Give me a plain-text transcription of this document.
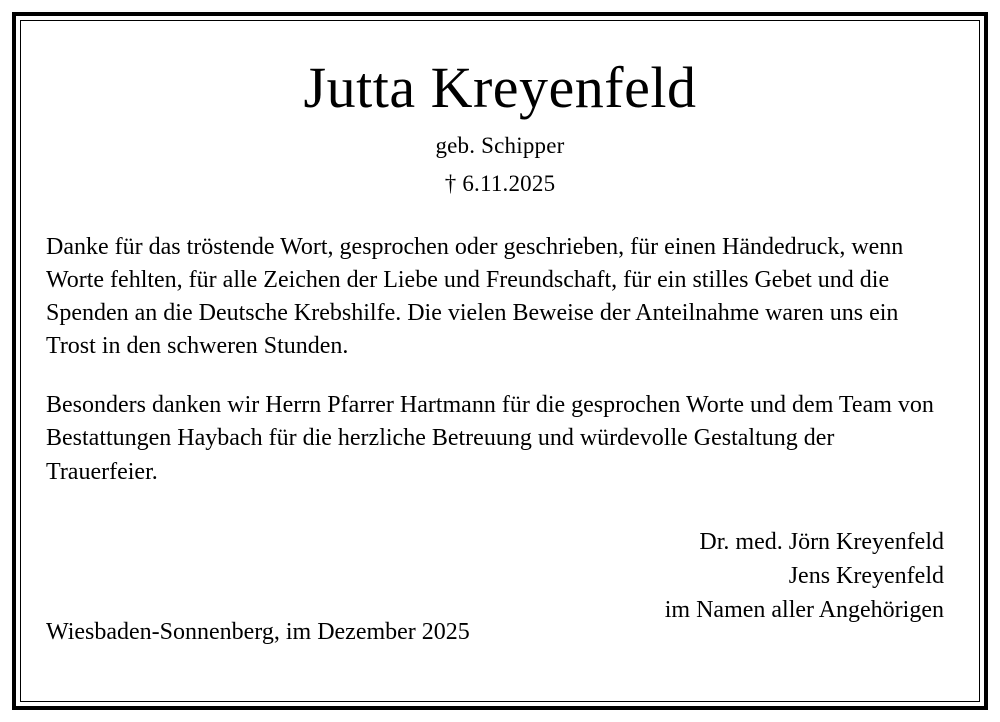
Jutta Kreyenfeld
geb. Schipper
† 6.11.2025
Danke für das tröstende Wort, gesprochen oder geschrieben, für einen Händedruck, wenn Worte fehlten, für alle Zeichen der Liebe und Freundschaft, für ein stilles Gebet und die Spenden an die Deutsche Krebshilfe. Die vielen Beweise der Anteilnahme waren uns ein Trost in den schweren Stunden.
Besonders danken wir Herrn Pfarrer Hartmann für die gesprochen Worte und dem Team von Bestattungen Haybach für die herzliche Betreuung und würdevolle Gestaltung der Trauerfeier.
Dr. med. Jörn Kreyenfeld
Jens Kreyenfeld
im Namen aller Angehörigen
Wiesbaden-Sonnenberg, im Dezember 2025
